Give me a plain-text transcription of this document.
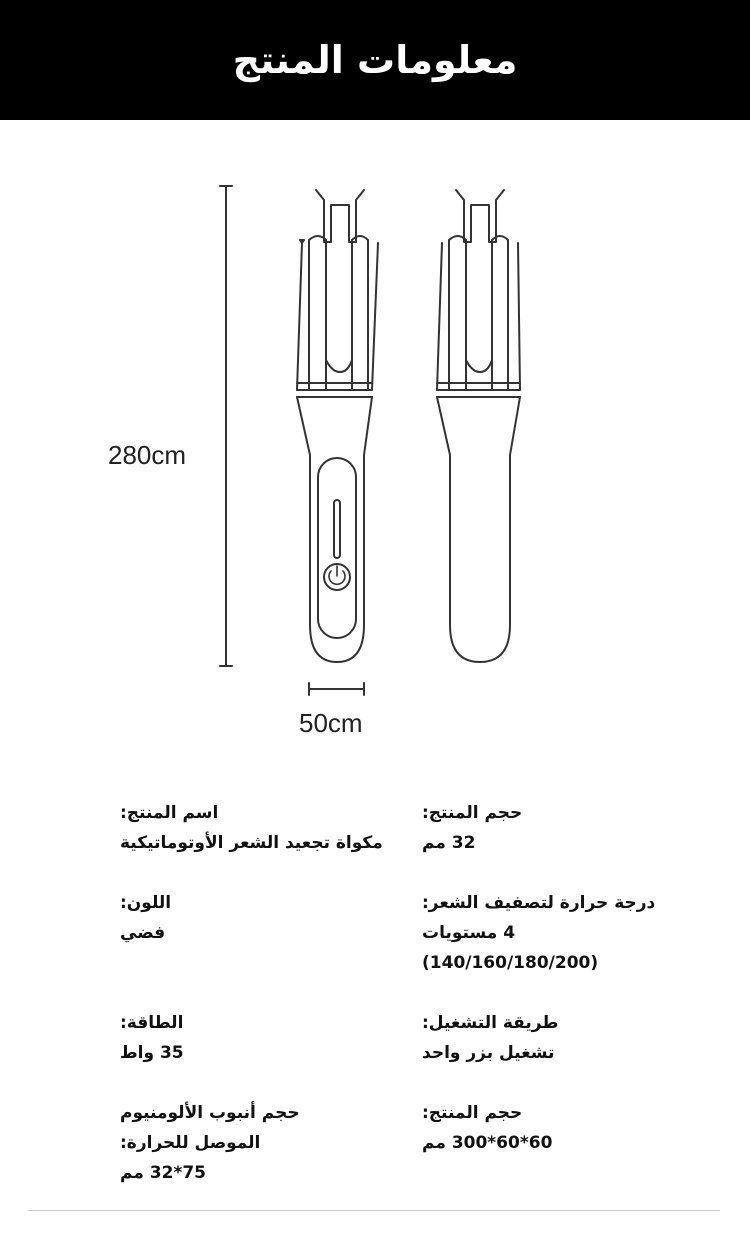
معلومات المنتج
280cm
50cm
اسم المنتج:
مكواة تجعيد الشعر الأوتوماتيكية
اللون:
فضي
الطاقة:
35 واط
حجم أنبوب الألومنيوم الموصل للحرارة:
75*32 مم
حجم المنتج:
32 مم
درجة حرارة لتصفيف الشعر:
4 مستويات (140/160/180/200)
طريقة التشغيل:
تشغيل بزر واحد
حجم المنتج:
60*60*300 مم
